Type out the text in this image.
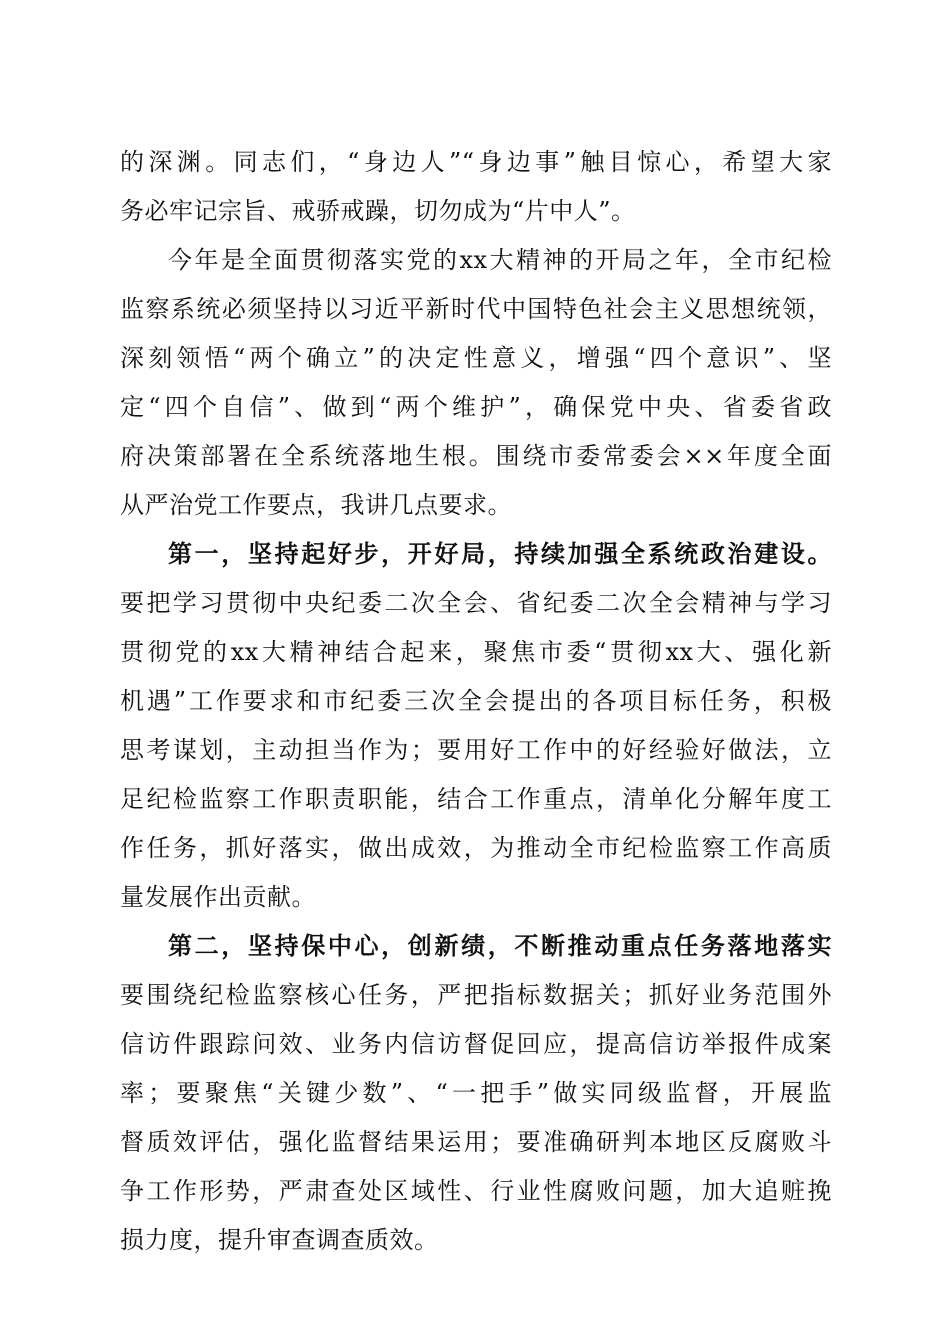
的深渊。同志们，“身边人”“身边事”触目惊心，希望大家
务必牢记宗旨、戒骄戒躁，切勿成为“片中人”。
今年是全面贯彻落实党的xx大精神的开局之年，全市纪检
监察系统必须坚持以习近平新时代中国特色社会主义思想统领，
深刻领悟“两个确立”的决定性意义，增强“四个意识”、坚
定“四个自信”、做到“两个维护”，确保党中央、省委省政
府决策部署在全系统落地生根。围绕市委常委会××年度全面
从严治党工作要点，我讲几点要求。
第一，坚持起好步，开好局，持续加强全系统政治建设。
要把学习贯彻中央纪委二次全会、省纪委二次全会精神与学习
贯彻党的xx大精神结合起来，聚焦市委“贯彻xx大、强化新
机遇”工作要求和市纪委三次全会提出的各项目标任务，积极
思考谋划，主动担当作为；要用好工作中的好经验好做法，立
足纪检监察工作职责职能，结合工作重点，清单化分解年度工
作任务，抓好落实，做出成效，为推动全市纪检监察工作高质
量发展作出贡献。
第二，坚持保中心，创新绩，不断推动重点任务落地落实
要围绕纪检监察核心任务，严把指标数据关；抓好业务范围外
信访件跟踪问效、业务内信访督促回应，提高信访举报件成案
率；要聚焦“关键少数”、“一把手”做实同级监督，开展监
督质效评估，强化监督结果运用；要准确研判本地区反腐败斗
争工作形势，严肃查处区域性、行业性腐败问题，加大追赃挽
损力度，提升审查调查质效。
